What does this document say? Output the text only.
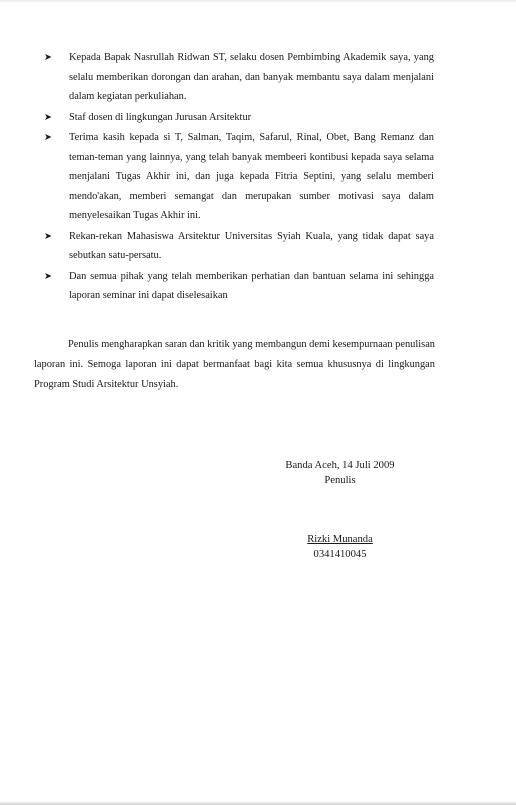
➤ Kepada Bapak Nasrullah Ridwan ST, selaku dosen Pembimbing Akademik saya, yang selalu memberikan dorongan dan arahan, dan banyak membantu saya dalam menjalani dalam kegiatan perkuliahan.
➤ Staf dosen di lingkungan Jurusan Arsitektur
➤ Terima kasih kepada si T, Salman, Taqim, Safarul, Rinal, Obet, Bang Remanz dan teman-teman yang lainnya, yang telah banyak membeeri kontibusi kepada saya selama menjalani Tugas Akhir ini, dan juga kepada Fitria Septini, yang selalu memberi mendo'akan, memberi semangat dan merupakan sumber motivasi saya dalam menyelesaikan Tugas Akhir ini.
➤ Rekan-rekan Mahasiswa Arsitektur Universitas Syiah Kuala, yang tidak dapat saya sebutkan satu-persatu.
➤ Dan semua pihak yang telah memberikan perhatian dan bantuan selama ini sehingga laporan seminar ini dapat diselesaikan

Penulis mengharapkan saran dan kritik yang membangun demi kesempurnaan penulisan laporan ini. Semoga laporan ini dapat bermanfaat bagi kita semua khususnya di lingkungan Program Studi Arsitektur Unsyiah.

Banda Aceh, 14 Juli 2009
Penulis
Rizki Munanda
0341410045
